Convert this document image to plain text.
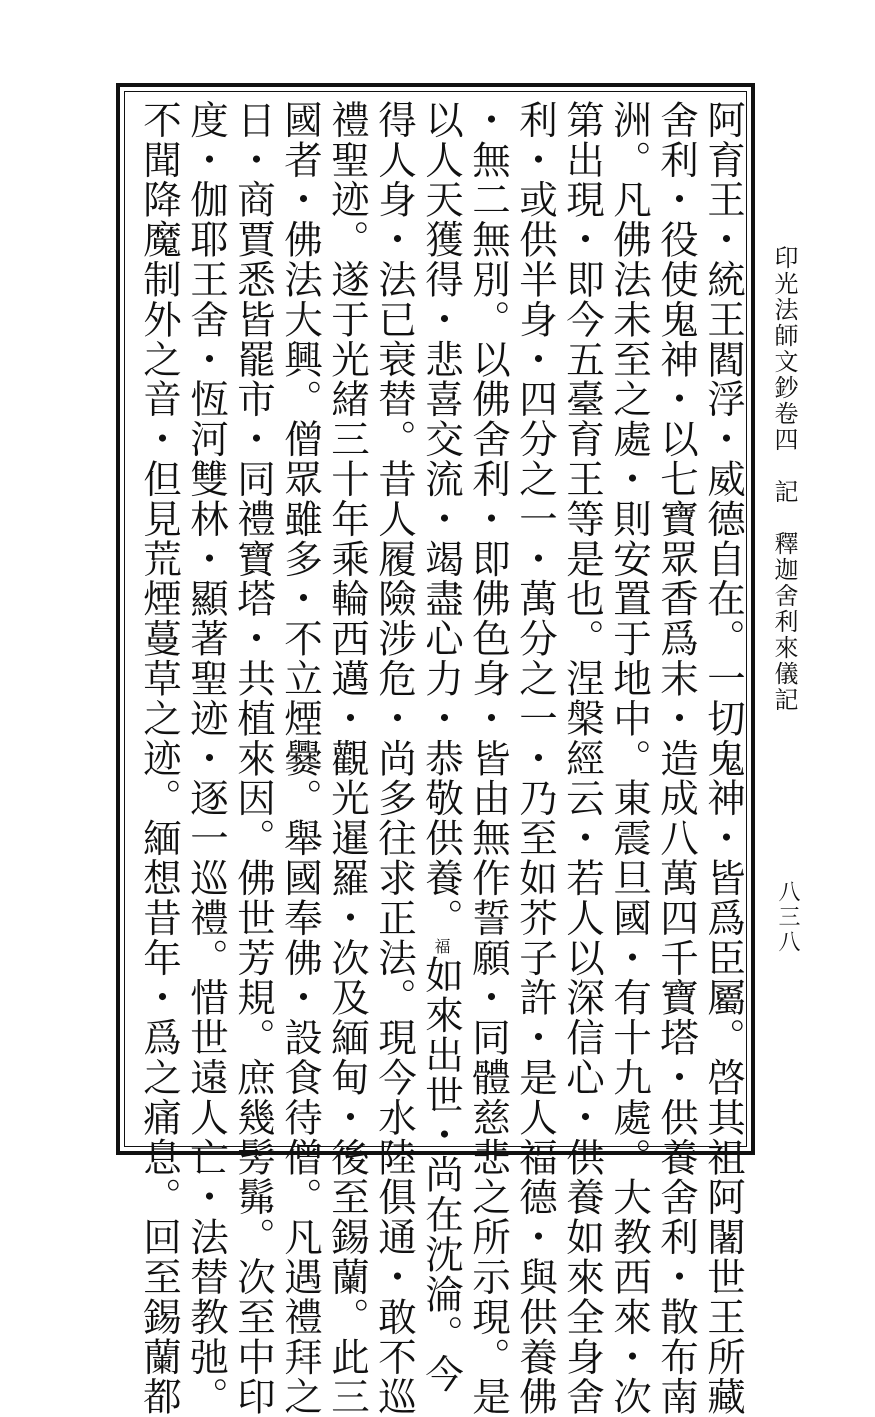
阿育王・統王閻浮・威德自在。一切鬼神・皆爲臣屬。啓其祖阿闍世王所藏
舍利・役使鬼神・以七寶眾香爲末・造成八萬四千寶塔・供養舍利・散布南
洲。凡佛法未至之處・則安置于地中。東震旦國・有十九處。大教西來・次
第出現・即今五臺育王等是也。涅槃經云・若人以深信心・供養如來全身舍
利・或供半身・四分之一・萬分之一・乃至如芥子許・是人福德・與供養佛
・無二無別。以佛舍利・即佛色身・皆由無作誓願・同體慈悲之所示現。是
以人天獲得・悲喜交流・竭盡心力・恭敬供養。福如來出世・尚在沈淪。今
得人身・法已衰替。昔人履險涉危・尚多往求正法。現今水陸俱通・敢不巡
禮聖迹。遂于光緒三十年乘輪西邁・觀光暹羅・次及緬甸・後至錫蘭。此三
國者・佛法大興。僧眾雖多・不立煙爨。舉國奉佛・設食待僧。凡遇禮拜之
日・商賈悉皆罷市・同禮寶塔・共植來因。佛世芳規。庶幾髣髴。次至中印
度・伽耶王舍・恆河雙林・顯著聖迹・逐一巡禮。惜世遠人亡・法替教弛。
不聞降魔制外之音・但見荒煙蔓草之迹。緬想昔年・爲之痛息。回至錫蘭都	印光法師文鈔卷四　記　釋迦舍利來儀記
八三八
